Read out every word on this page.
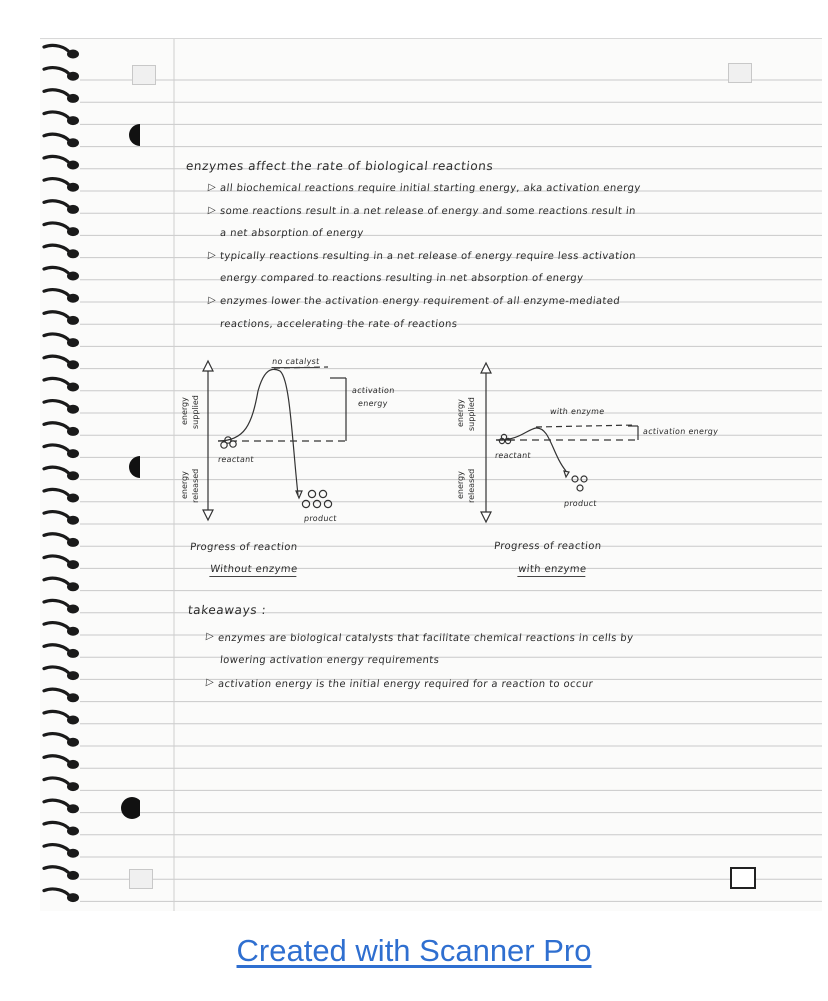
enzymes affect the rate of biological reactions
▷ all biochemical reactions require initial starting energy, aka activation energy
▷ some reactions result in a net release of energy and some reactions result in
a net absorption of energy
▷ typically reactions resulting in a net release of energy require less activation
energy compared to reactions resulting in net absorption of energy
▷ enzymes lower the activation energy requirement of all enzyme-mediated
reactions, accelerating the rate of reactions
no catalyst
activation
energy
energy supplied
energy released
reactant
product
Progress of reaction
Without enzyme
with enzyme
activation energy
energy supplied
energy released
reactant
product
Progress of reaction
with enzyme
takeaways :
▷ enzymes are biological catalysts that facilitate chemical reactions in cells by
lowering activation energy requirements
▷ activation energy is the initial energy required for a reaction to occur
Created with Scanner Pro
